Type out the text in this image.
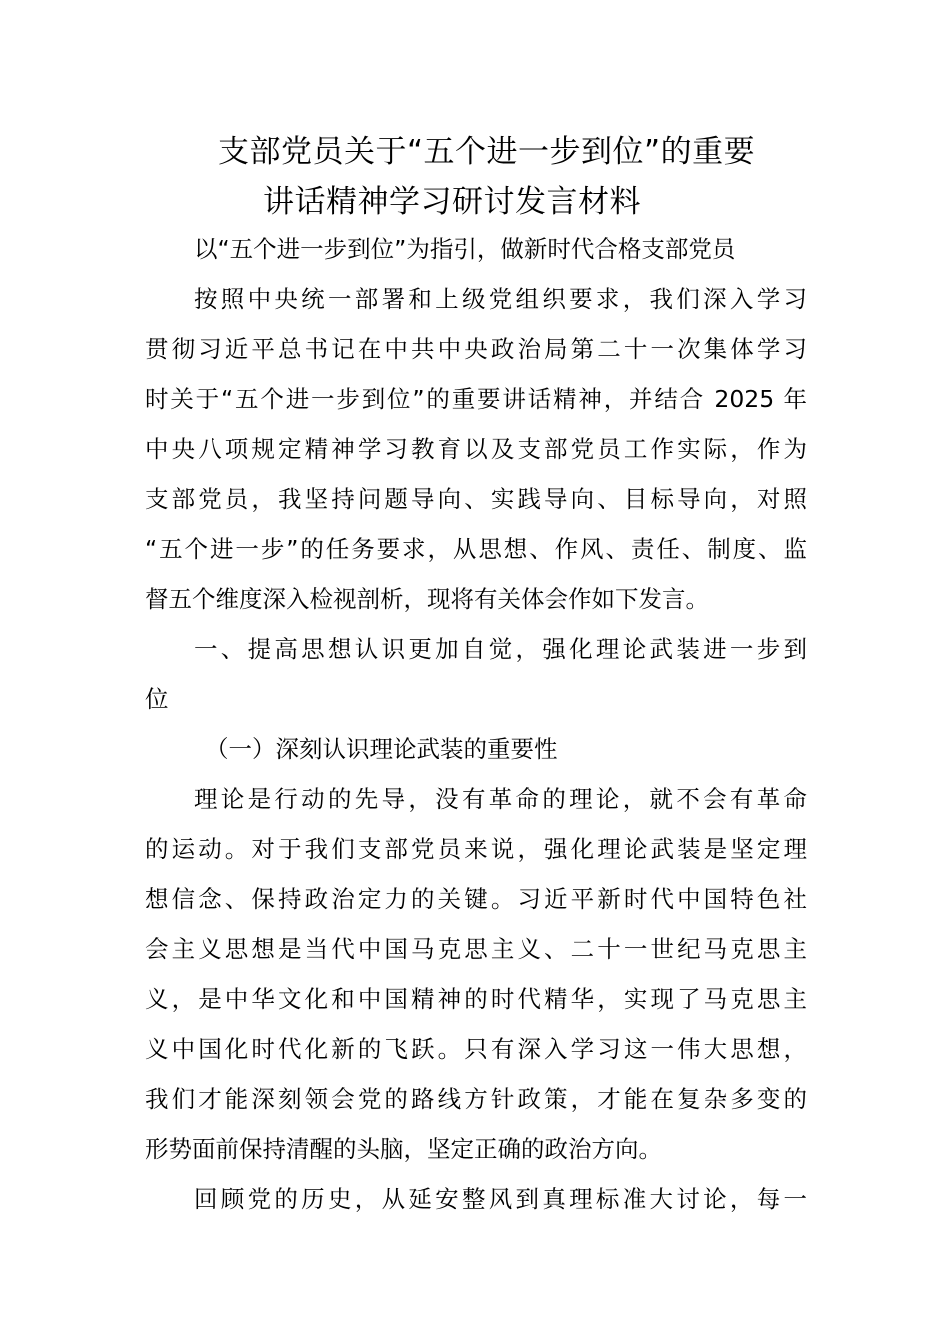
支部党员关于“五个进一步到位”的重要
讲话精神学习研讨发言材料
以“五个进一步到位”为指引，做新时代合格支部党员
按照中央统一部署和上级党组织要求，我们深入学习
贯彻习近平总书记在中共中央政治局第二十一次集体学习
时关于“五个进一步到位”的重要讲话精神，并结合 2025 年
中央八项规定精神学习教育以及支部党员工作实际，作为
支部党员，我坚持问题导向、实践导向、目标导向，对照
“五个进一步”的任务要求，从思想、作风、责任、制度、监
督五个维度深入检视剖析，现将有关体会作如下发言。
一、提高思想认识更加自觉，强化理论武装进一步到
位
（一）深刻认识理论武装的重要性
理论是行动的先导，没有革命的理论，就不会有革命
的运动。对于我们支部党员来说，强化理论武装是坚定理
想信念、保持政治定力的关键。习近平新时代中国特色社
会主义思想是当代中国马克思主义、二十一世纪马克思主
义，是中华文化和中国精神的时代精华，实现了马克思主
义中国化时代化新的飞跃。只有深入学习这一伟大思想，
我们才能深刻领会党的路线方针政策，才能在复杂多变的
形势面前保持清醒的头脑，坚定正确的政治方向。
回顾党的历史，从延安整风到真理标准大讨论，每一
